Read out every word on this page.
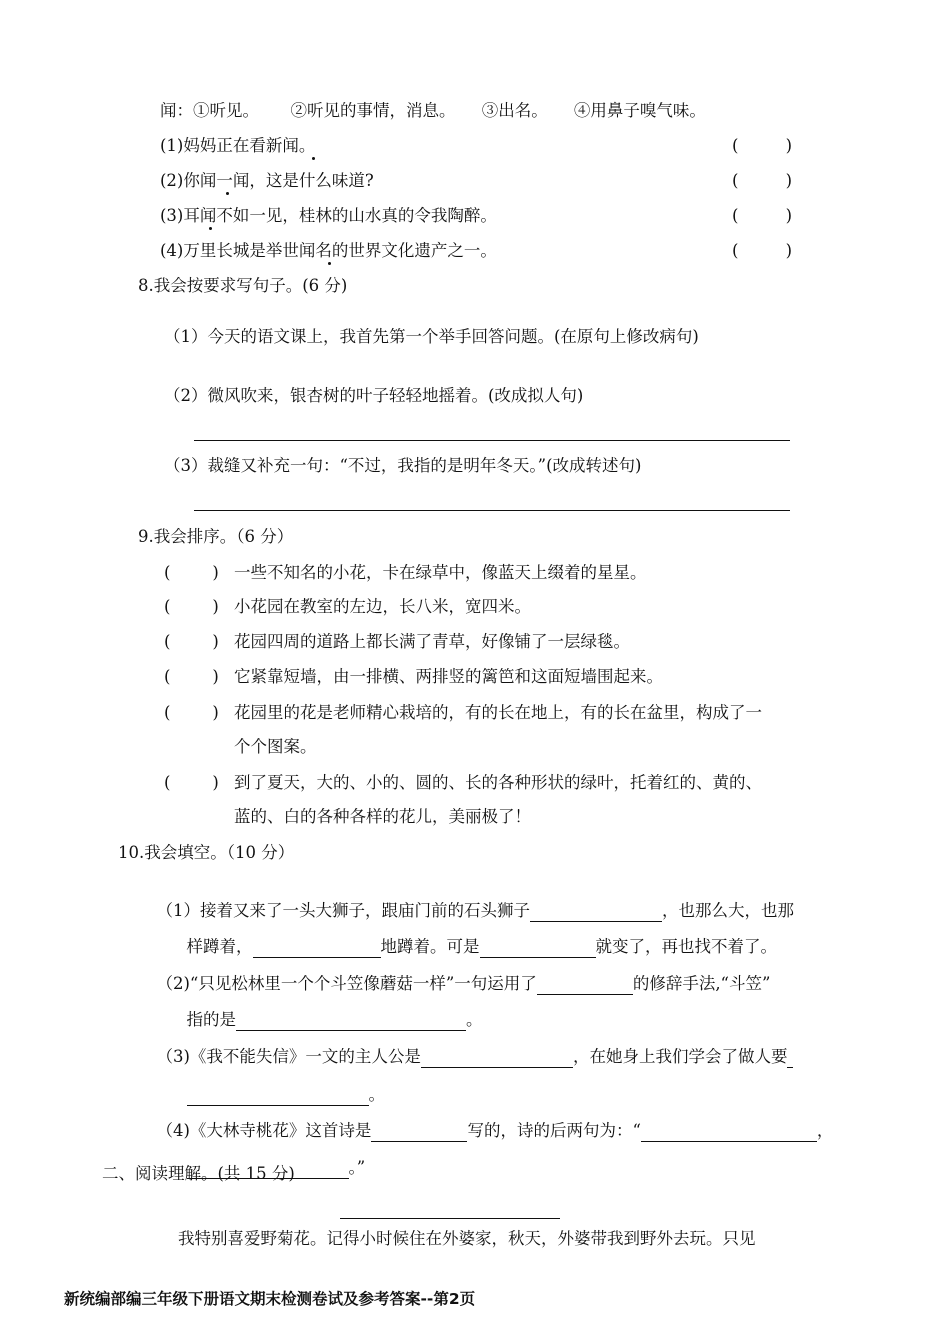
闻：①听见。      ②听见的事情，消息。     ③出名。     ④用鼻子嗅气味。
(1)妈妈正在看新闻。	(         )
(2)你闻一闻，这是什么味道?	(         )
(3)耳闻不如一见，桂林的山水真的令我陶醉。	(         )
(4)万里长城是举世闻名的世界文化遗产之一。	(         )
8.我会按要求写句子。(6 分)
（1）今天的语文课上，我首先第一个举手回答问题。(在原句上修改病句)
（2）微风吹来，银杏树的叶子轻轻地摇着。(改成拟人句)
（3）裁缝又补充一句：“不过，我指的是明年冬天。”(改成转述句)
9.我会排序。（6 分）
(        ) 一些不知名的小花，卡在绿草中，像蓝天上缀着的星星。
(        ) 小花园在教室的左边，长八米，宽四米。
(        ) 花园四周的道路上都长满了青草，好像铺了一层绿毯。
(        ) 它紧靠短墙，由一排横、两排竖的篱笆和这面短墙围起来。
(        ) 花园里的花是老师精心栽培的，有的长在地上，有的长在盆里，构成了一
个个图案。
(        ) 到了夏天，大的、小的、圆的、长的各种形状的绿叶，托着红的、黄的、
蓝的、白的各种各样的花儿，美丽极了！
10.我会填空。（10 分）

（1）接着又来了一头大狮子，跟庙门前的石头狮子	，也那么大，也那

样蹲着，	地蹲着。可是	就变了，再也找不着了。

（2)“只见松林里一个个斗笠像蘑菇一样”一句运用了	的修辞手法,“斗笠”

指的是	。

（3)《我不能失信》一文的主人公是	，在她身上我们学会了做人要

。

（4)《大林寺桃花》这首诗是	写的，诗的后两句为：“	，

。”

二、阅读理解。(共 15 分)
我特别喜爱野菊花。记得小时候住在外婆家，秋天，外婆带我到野外去玩。只见
新统编部编三年级下册语文期末检测卷试及参考答案--第2页
